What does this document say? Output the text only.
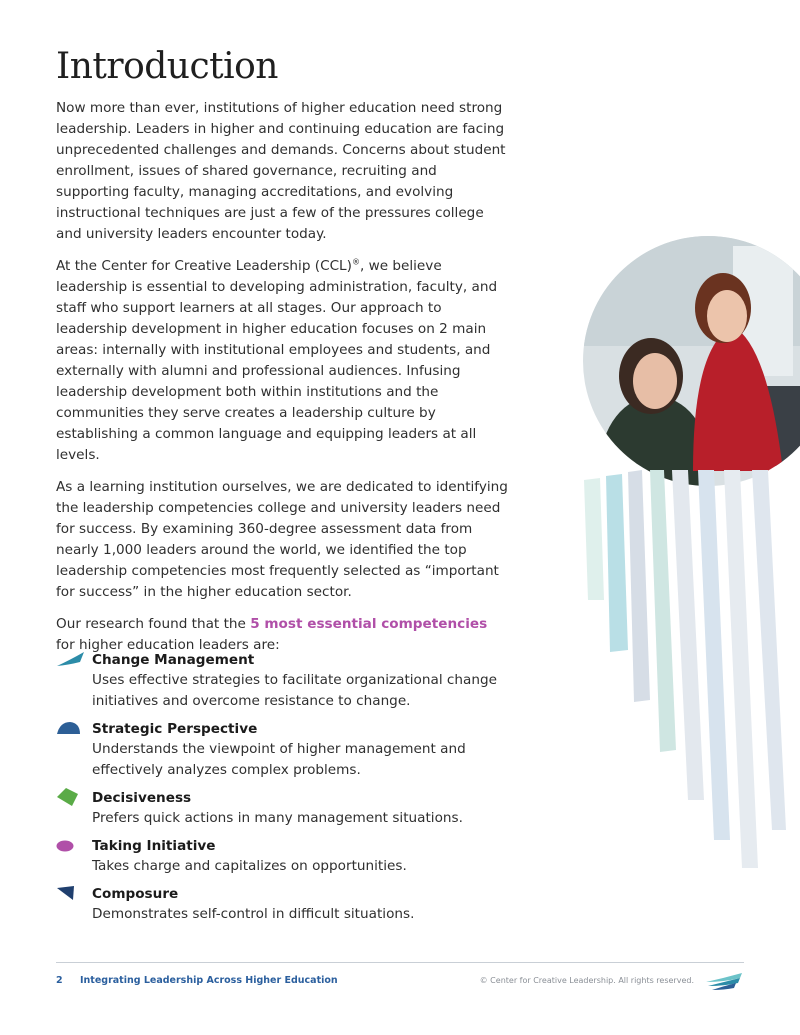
Introduction

Now more than ever, institutions of higher education need strong leadership. Leaders in higher and continuing education are facing unprecedented challenges and demands. Concerns about student enrollment, issues of shared governance, recruiting and supporting faculty, managing accreditations, and evolving instructional techniques are just a few of the pressures college and university leaders encounter today.

At the Center for Creative Leadership (CCL)®, we believe leadership is essential to developing administration, faculty, and staff who support learners at all stages. Our approach to leadership development in higher education focuses on 2 main areas: internally with institutional employees and students, and externally with alumni and professional audiences. Infusing leadership development both within institutions and the communities they serve creates a leadership culture by establishing a common language and equipping leaders at all levels.

As a learning institution ourselves, we are dedicated to identifying the leadership competencies college and university leaders need for success. By examining 360-degree assessment data from nearly 1,000 leaders around the world, we identified the top leadership competencies most frequently selected as “important for success” in the higher education sector.

Our research found that the 5 most essential competencies
for higher education leaders are:

Change Management
Uses effective strategies to facilitate organizational change initiatives and overcome resistance to change.
Strategic Perspective
Understands the viewpoint of higher management and effectively analyzes complex problems.
Decisiveness
Prefers quick actions in many management situations.
Taking Initiative
Takes charge and capitalizes on opportunities.
Composure
Demonstrates self-control in difficult situations.
2 Integrating Leadership Across Higher Education	© Center for Creative Leadership. All rights reserved.
